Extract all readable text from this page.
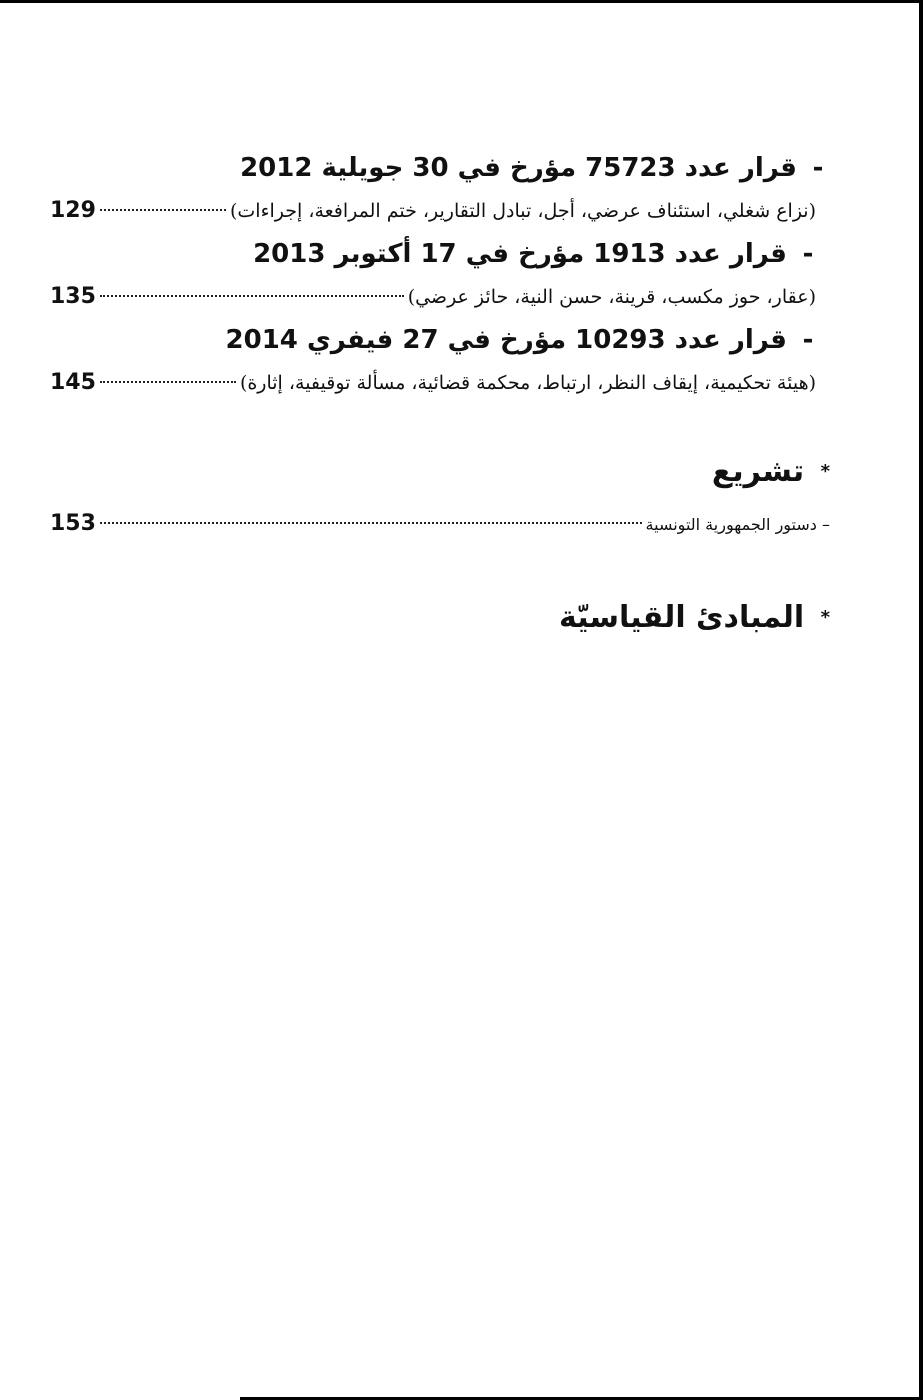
- قرار عدد 75723 مؤرخ في 30 جويلية 2012
(نزاع شغلي، استئناف عرضي، أجل، تبادل التقارير، ختم المرافعة، إجراءات)
129
- قرار عدد 1913 مؤرخ في 17 أكتوبر 2013
(عقار، حوز مكسب، قرينة، حسن النية، حائز عرضي)
135
- قرار عدد 10293 مؤرخ في 27 فيفري 2014
(هيئة تحكيمية، إيقاف النظر، ارتباط، محكمة قضائية، مسألة توقيفية، إثارة)
145
* تشريع
– دستور الجمهورية التونسية
153
* المبادئ القياسيّة
